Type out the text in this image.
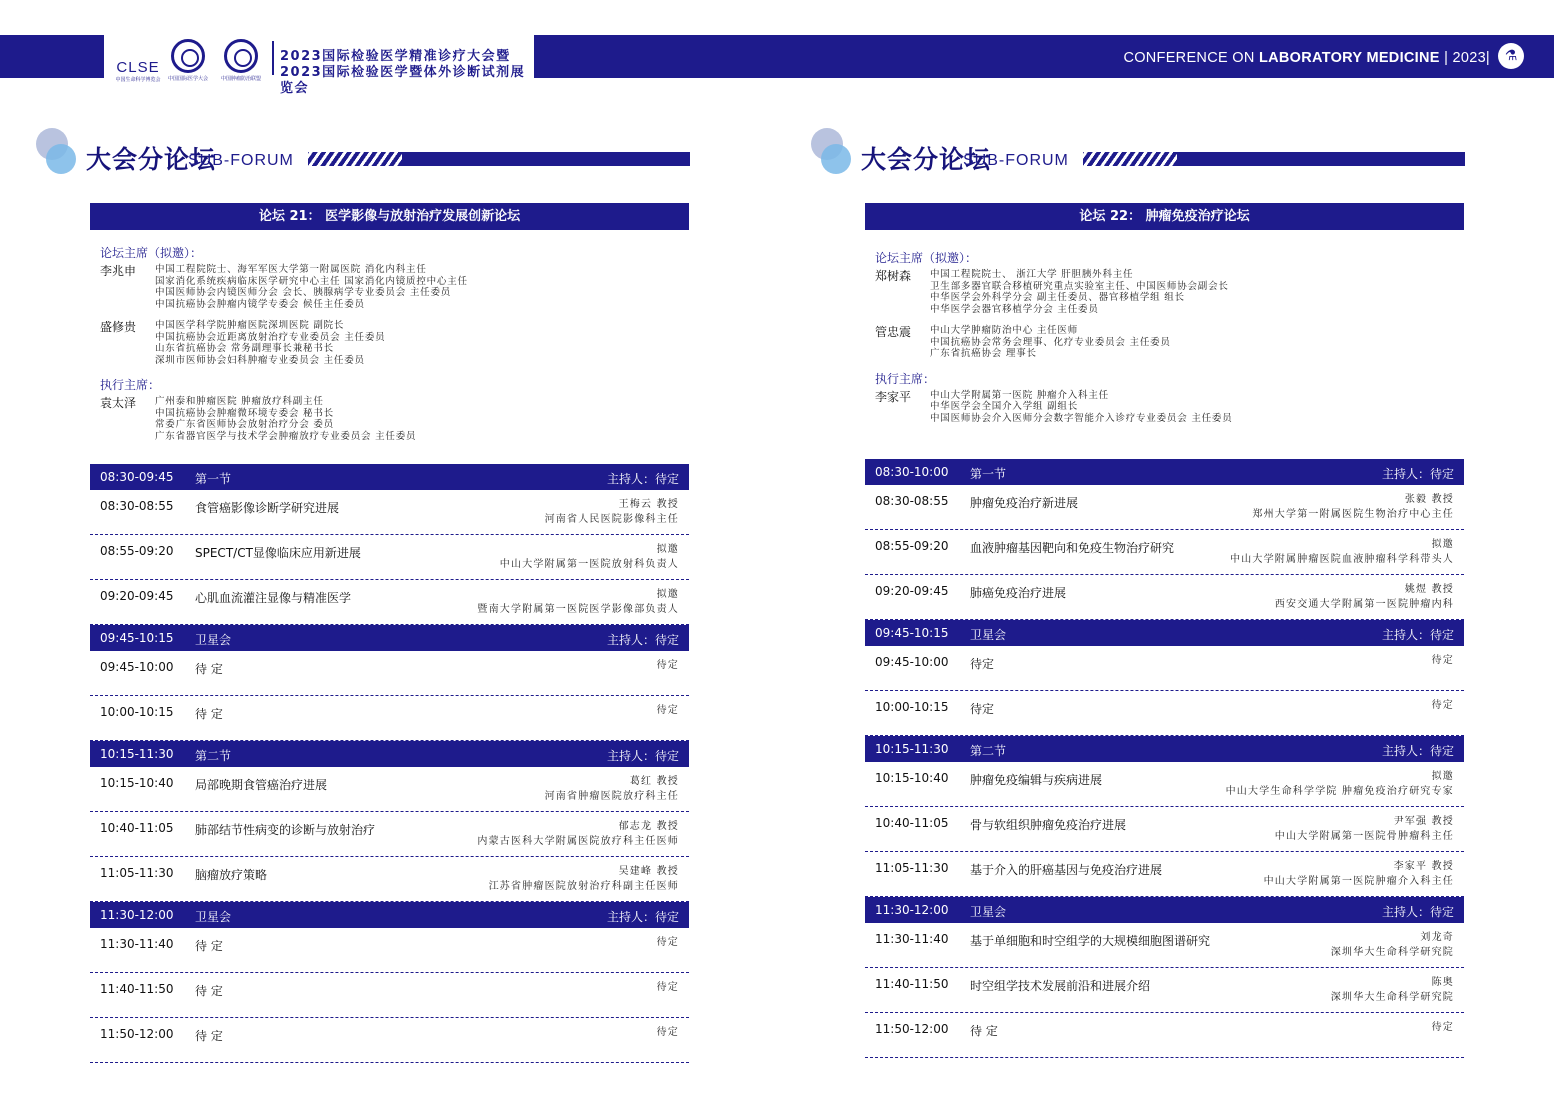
CLSE
中国生命科学博览会	中国国际医学大会	中国肿瘤防治联盟
2023国际检验医学精准诊疗大会暨
2023国际检验医学暨体外诊断试剂展览会
CONFERENCE ON LABORATORY MEDICINE | 2023|	⚗
大会分论坛
SUB-FORUM
论坛 21： 医学影像与放射治疗发展创新论坛
论坛主席（拟邀）：
李兆申	中国工程院院士、海军军医大学第一附属医院 消化内科主任
国家消化系统疾病临床医学研究中心主任 国家消化内镜质控中心主任
中国医师协会内镜医师分会 会长、胰腺病学专业委员会 主任委员
中国抗癌协会肿瘤内镜学专委会 候任主任委员
盛修贵	中国医学科学院肿瘤医院深圳医院 副院长
中国抗癌协会近距离放射治疗专业委员会 主任委员
山东省抗癌协会 常务副理事长兼秘书长
深圳市医师协会妇科肿瘤专业委员会 主任委员
执行主席：
袁太泽	广州泰和肿瘤医院 肿瘤放疗科副主任
中国抗癌协会肿瘤微环境专委会 秘书长
常委广东省医师协会放射治疗分会 委员
广东省器官医学与技术学会肿瘤放疗专业委员会 主任委员
08:30-09:45 第一节	主持人：待定
08:30-08:55 食管癌影像诊断学研究进展	王梅云 教授
河南省人民医院影像科主任
08:55-09:20 SPECT/CT显像临床应用新进展	拟邀
中山大学附属第一医院放射科负责人
09:20-09:45 心肌血流灌注显像与精准医学	拟邀
暨南大学附属第一医院医学影像部负责人
09:45-10:15 卫星会	主持人：待定
09:45-10:00 待 定	待定
10:00-10:15 待 定	待定
10:15-11:30 第二节	主持人：待定
10:15-10:40 局部晚期食管癌治疗进展	葛红 教授
河南省肿瘤医院放疗科主任
10:40-11:05 肺部结节性病变的诊断与放射治疗	郁志龙 教授
内蒙古医科大学附属医院放疗科主任医师
11:05-11:30 脑瘤放疗策略	吴建峰 教授
江苏省肿瘤医院放射治疗科副主任医师
11:30-12:00 卫星会	主持人：待定
11:30-11:40 待 定	待定
11:40-11:50 待 定	待定
11:50-12:00 待 定	待定
大会分论坛
SUB-FORUM
论坛 22： 肿瘤免疫治疗论坛
论坛主席（拟邀）：
郑树森	中国工程院院士、 浙江大学 肝胆胰外科主任
卫生部多器官联合移植研究重点实验室主任、中国医师协会副会长
中华医学会外科学分会 副主任委员、器官移植学组 组长
中华医学会器官移植学分会 主任委员
管忠震	中山大学肿瘤防治中心 主任医师
中国抗癌协会常务会理事、化疗专业委员会 主任委员
广东省抗癌协会 理事长
执行主席：
李家平	中山大学附属第一医院 肿瘤介入科主任
中华医学会全国介入学组 副组长
中国医师协会介入医师分会数字智能介入诊疗专业委员会 主任委员
08:30-10:00 第一节	主持人：待定
08:30-08:55 肿瘤免疫治疗新进展	张毅 教授
郑州大学第一附属医院生物治疗中心主任
08:55-09:20 血液肿瘤基因靶向和免疫生物治疗研究	拟邀
中山大学附属肿瘤医院血液肿瘤科学科带头人
09:20-09:45 肺癌免疫治疗进展	姚煜 教授
西安交通大学附属第一医院肿瘤内科
09:45-10:15 卫星会	主持人：待定
09:45-10:00 待定	待定
10:00-10:15 待定	待定
10:15-11:30 第二节	主持人：待定
10:15-10:40 肿瘤免疫编辑与疾病进展	拟邀
中山大学生命科学学院 肿瘤免疫治疗研究专家
10:40-11:05 骨与软组织肿瘤免疫治疗进展	尹军强 教授
中山大学附属第一医院骨肿瘤科主任
11:05-11:30 基于介入的肝癌基因与免疫治疗进展	李家平 教授
中山大学附属第一医院肿瘤介入科主任
11:30-12:00 卫星会	主持人：待定
11:30-11:40 基于单细胞和时空组学的大规模细胞图谱研究	刘龙奇
深圳华大生命科学研究院
11:40-11:50 时空组学技术发展前沿和进展介绍	陈奥
深圳华大生命科学研究院
11:50-12:00 待 定	待定
